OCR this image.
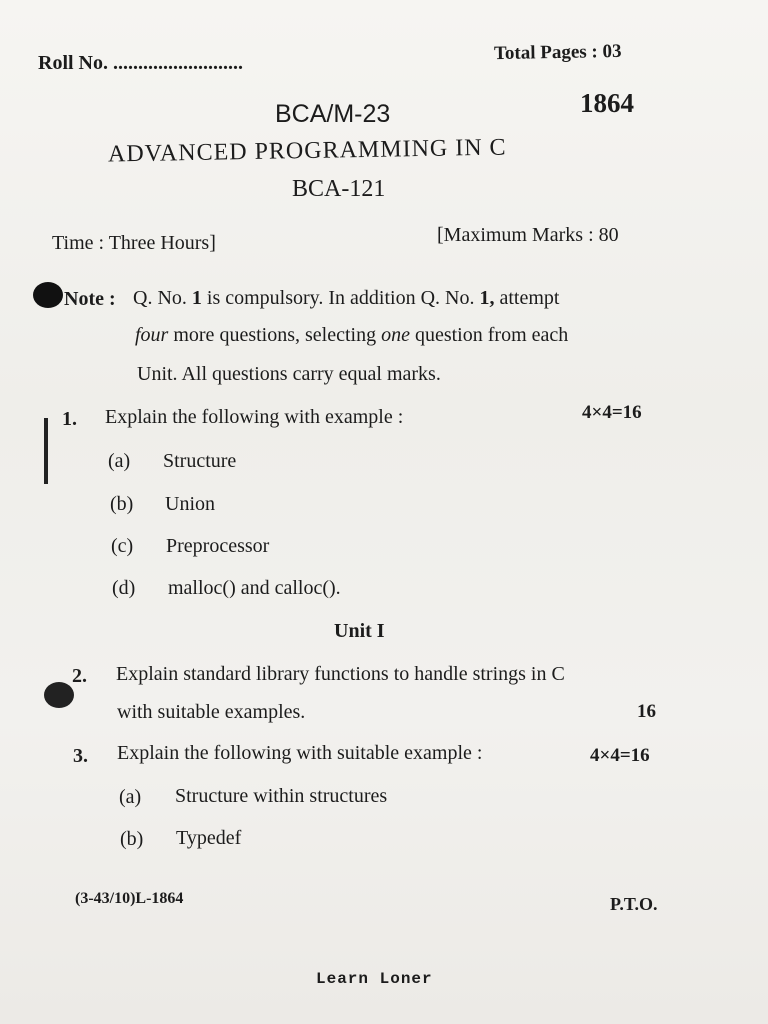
Roll No. ..........................	Total Pages : 03
BCA/M-23	1864
ADVANCED PROGRAMMING IN C
BCA-121
Time : Three Hours]	[Maximum Marks : 80
Note : Q. No. 1 is compulsory. In addition Q. No. 1, attempt
four more questions, selecting one question from each
Unit. All questions carry equal marks.
1. Explain the following with example :	4×4=16
(a) Structure
(b) Union
(c) Preprocessor
(d) malloc() and calloc().
Unit I
2. Explain standard library functions to handle strings in C
with suitable examples.	16
3. Explain the following with suitable example :	4×4=16
(a) Structure within structures
(b) Typedef
(3-43/10)L-1864	P.T.O.
Learn Loner
